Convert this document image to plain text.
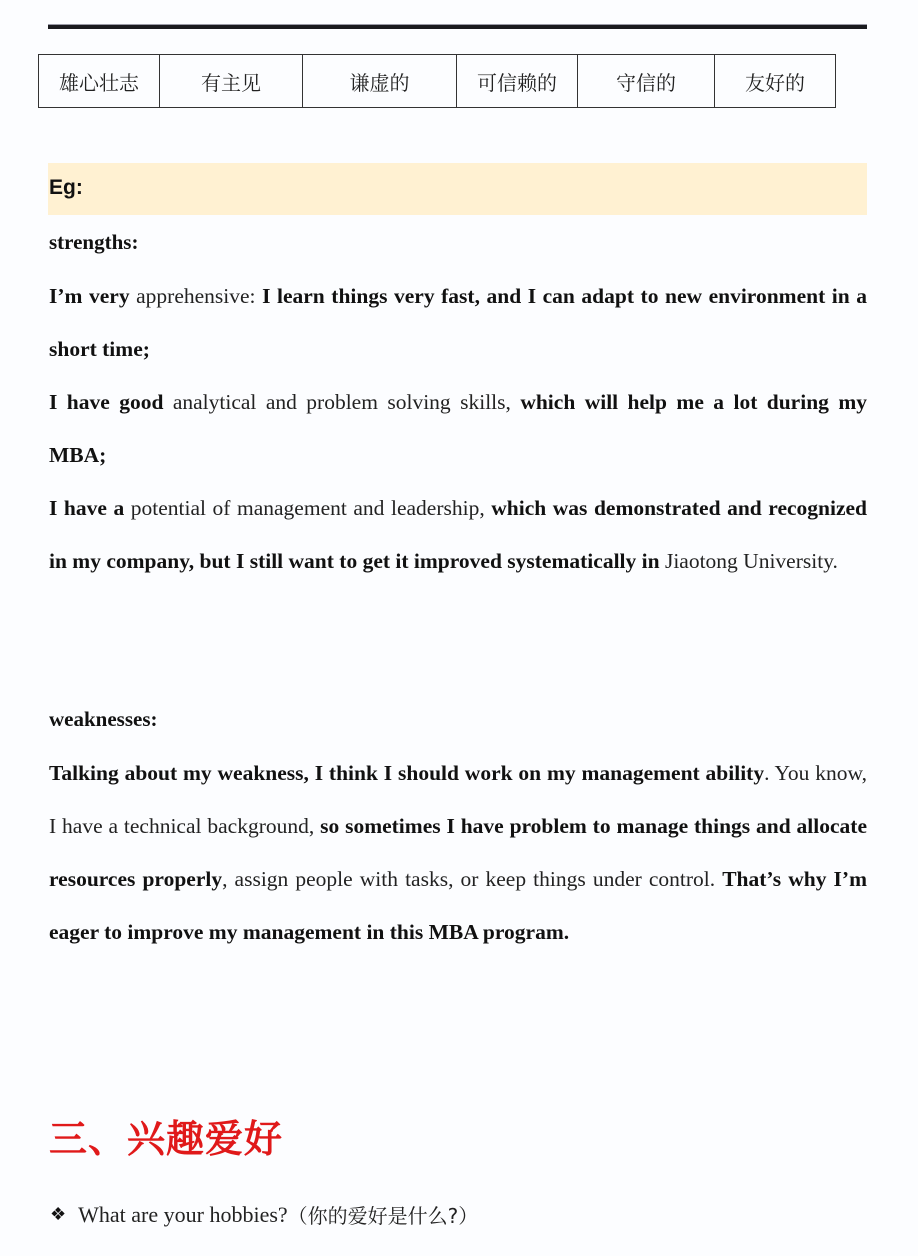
雄心壮志	有主见	谦虚的	可信赖的	守信的	友好的
Eg:
strengths:
I’m very apprehensive: I learn things very fast, and I can adapt to new environment in a short time;
I have good analytical and problem solving skills, which will help me a lot during my MBA;
I have a potential of management and leadership, which was demonstrated and recognized in my company, but I still want to get it improved systematically in Jiaotong University.
weaknesses:
Talking about my weakness, I think I should work on my management ability. You know, I have a technical background, so sometimes I have problem to manage things and allocate resources properly, assign people with tasks, or keep things under control. That’s why I’m eager to improve my management in this MBA program.
三、兴趣爱好
❖ What are your hobbies? （你的爱好是什么?）
